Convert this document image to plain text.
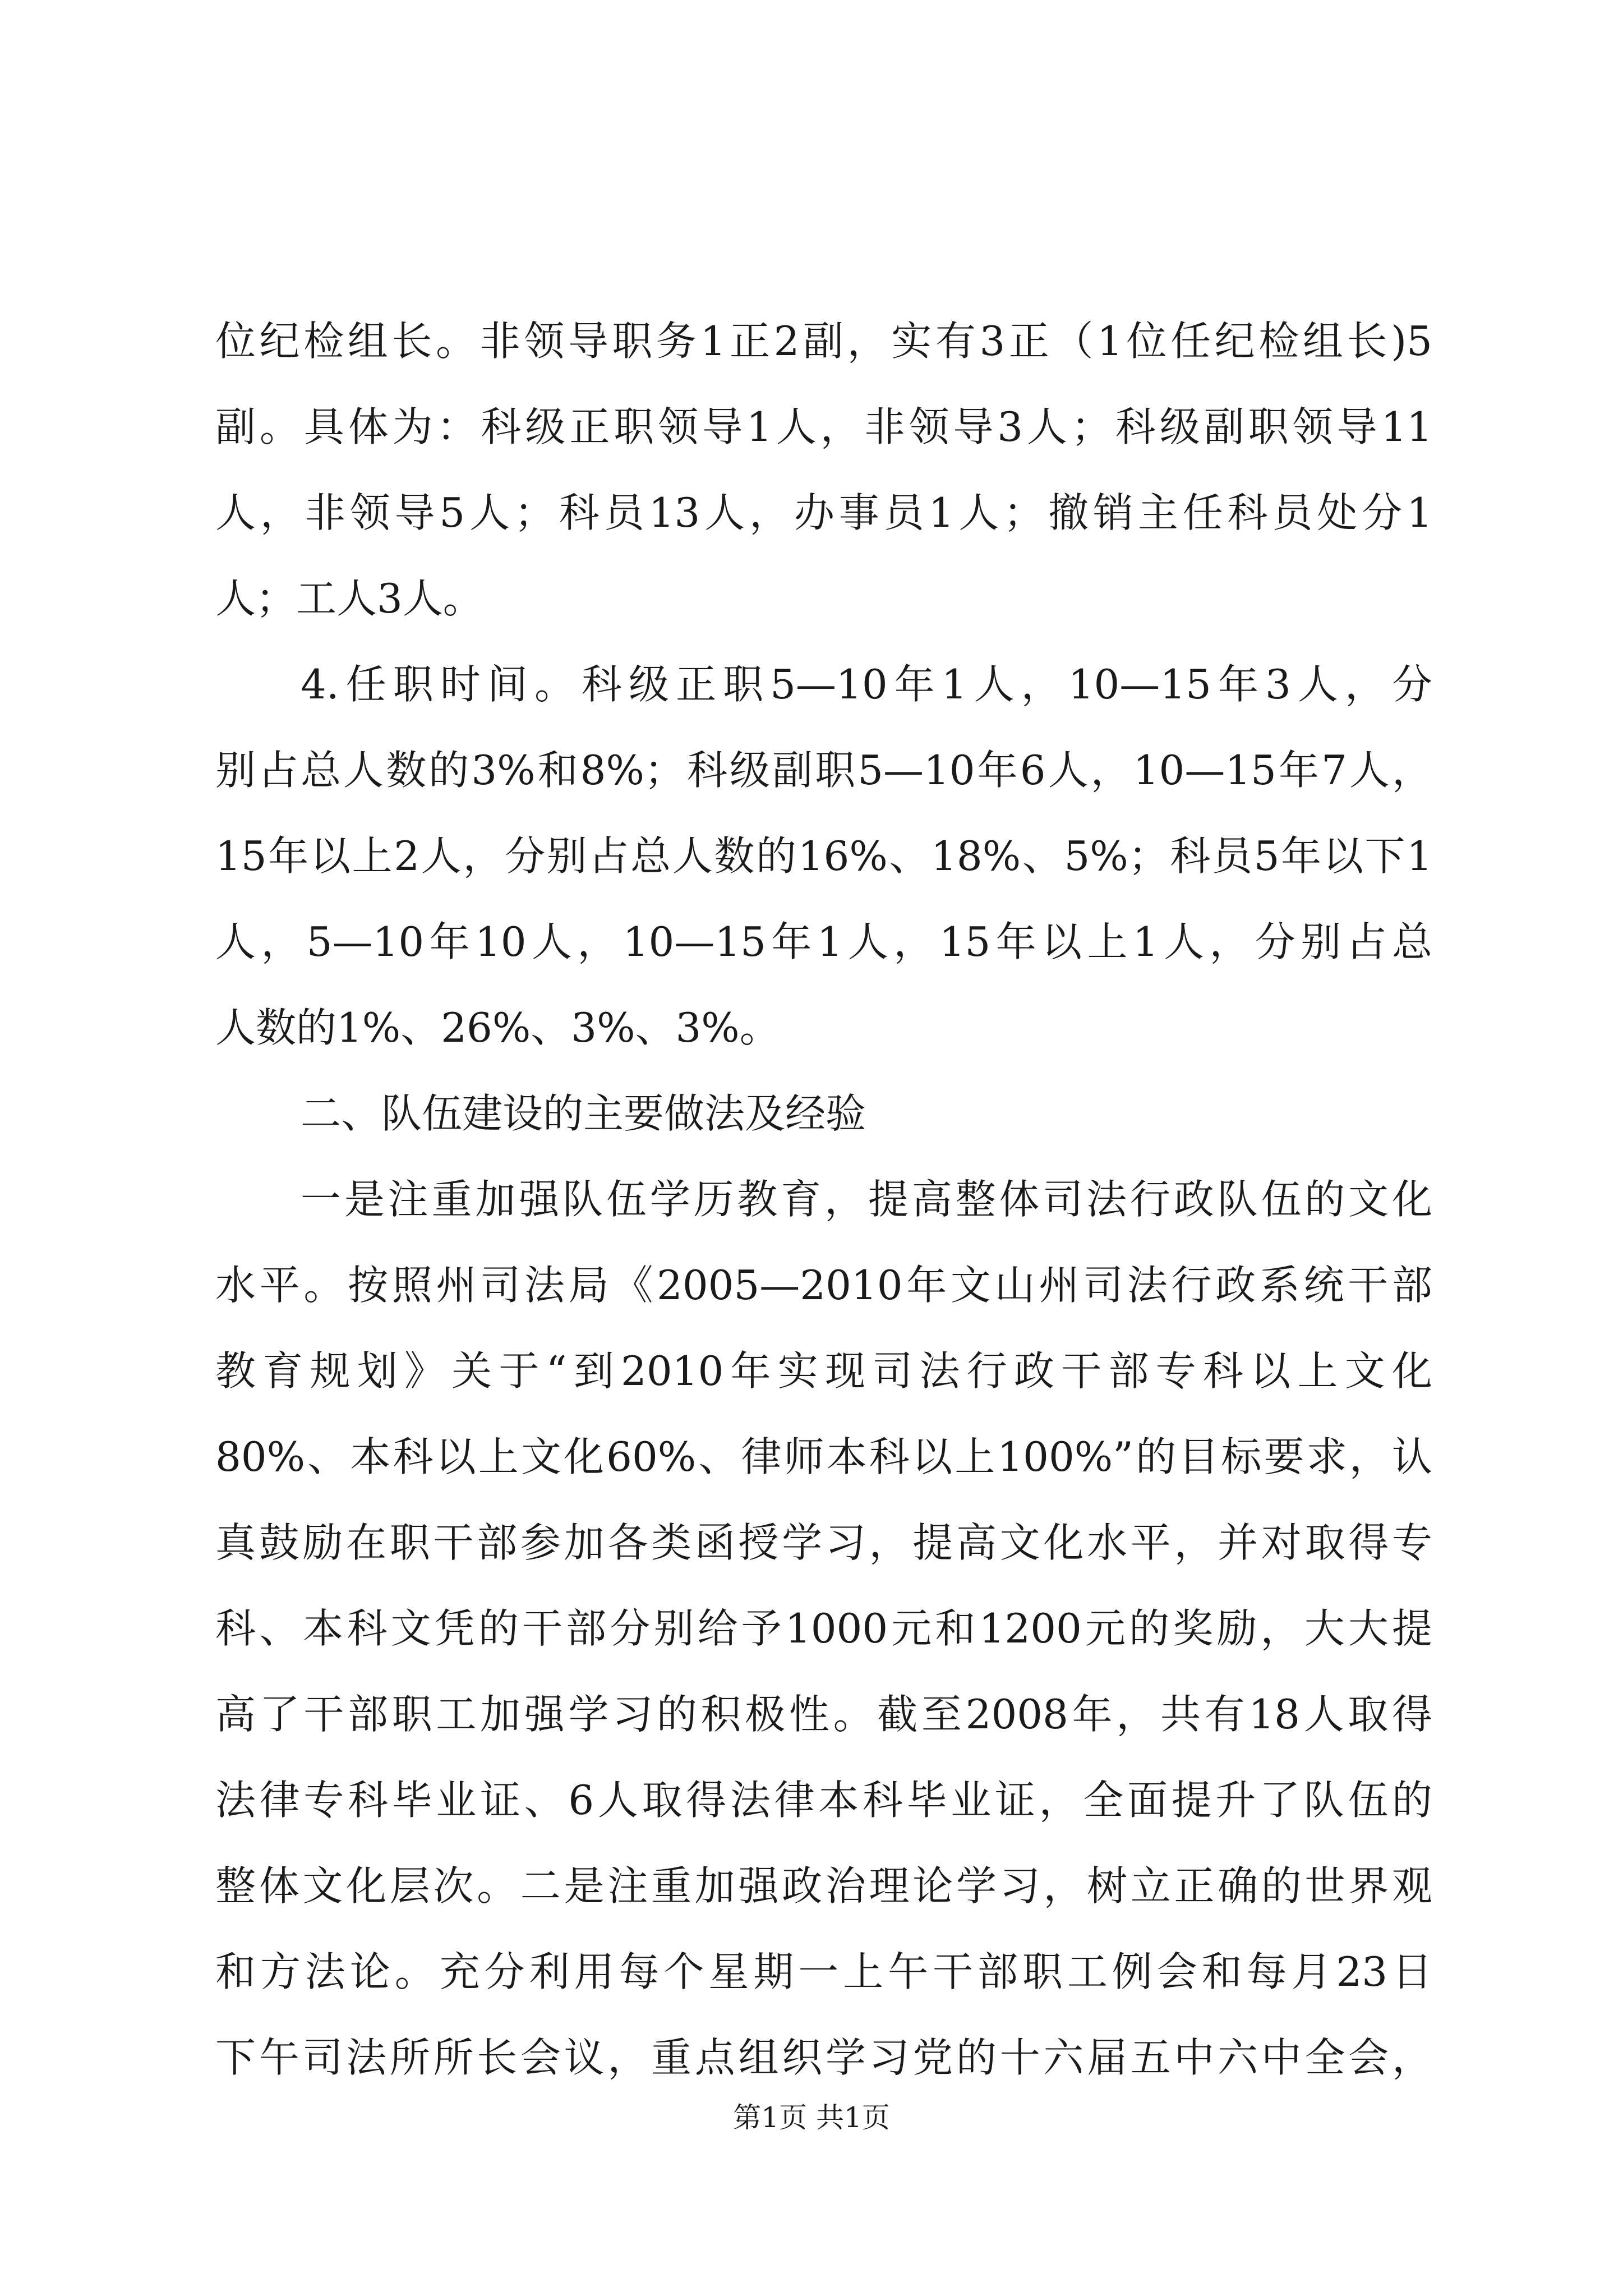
位纪检组长。非领导职务1正2副，实有3正（1位任纪检组长)5
副。具体为：科级正职领导1人，非领导3人；科级副职领导11
人，非领导5人；科员13人，办事员1人；撤销主任科员处分1
人；工人3人。
4.任职时间。科级正职5—10年1人，10—15年3人，分
别占总人数的3%和8%；科级副职5—10年6人，10—15年7人，
15年以上2人，分别占总人数的16%、18%、5%；科员5年以下1
人，5—10年10人，10—15年1人，15年以上1人，分别占总
人数的1%、26%、3%、3%。
二、队伍建设的主要做法及经验
一是注重加强队伍学历教育，提高整体司法行政队伍的文化
水平。按照州司法局《2005—2010年文山州司法行政系统干部
教育规划》关于“到2010年实现司法行政干部专科以上文化
80%、本科以上文化60%、律师本科以上100%”的目标要求，认
真鼓励在职干部参加各类函授学习，提高文化水平，并对取得专
科、本科文凭的干部分别给予1000元和1200元的奖励，大大提
高了干部职工加强学习的积极性。截至2008年，共有18人取得
法律专科毕业证、6人取得法律本科毕业证，全面提升了队伍的
整体文化层次。二是注重加强政治理论学习，树立正确的世界观
和方法论。充分利用每个星期一上午干部职工例会和每月23日
下午司法所所长会议，重点组织学习党的十六届五中六中全会，
第1页 共1页
